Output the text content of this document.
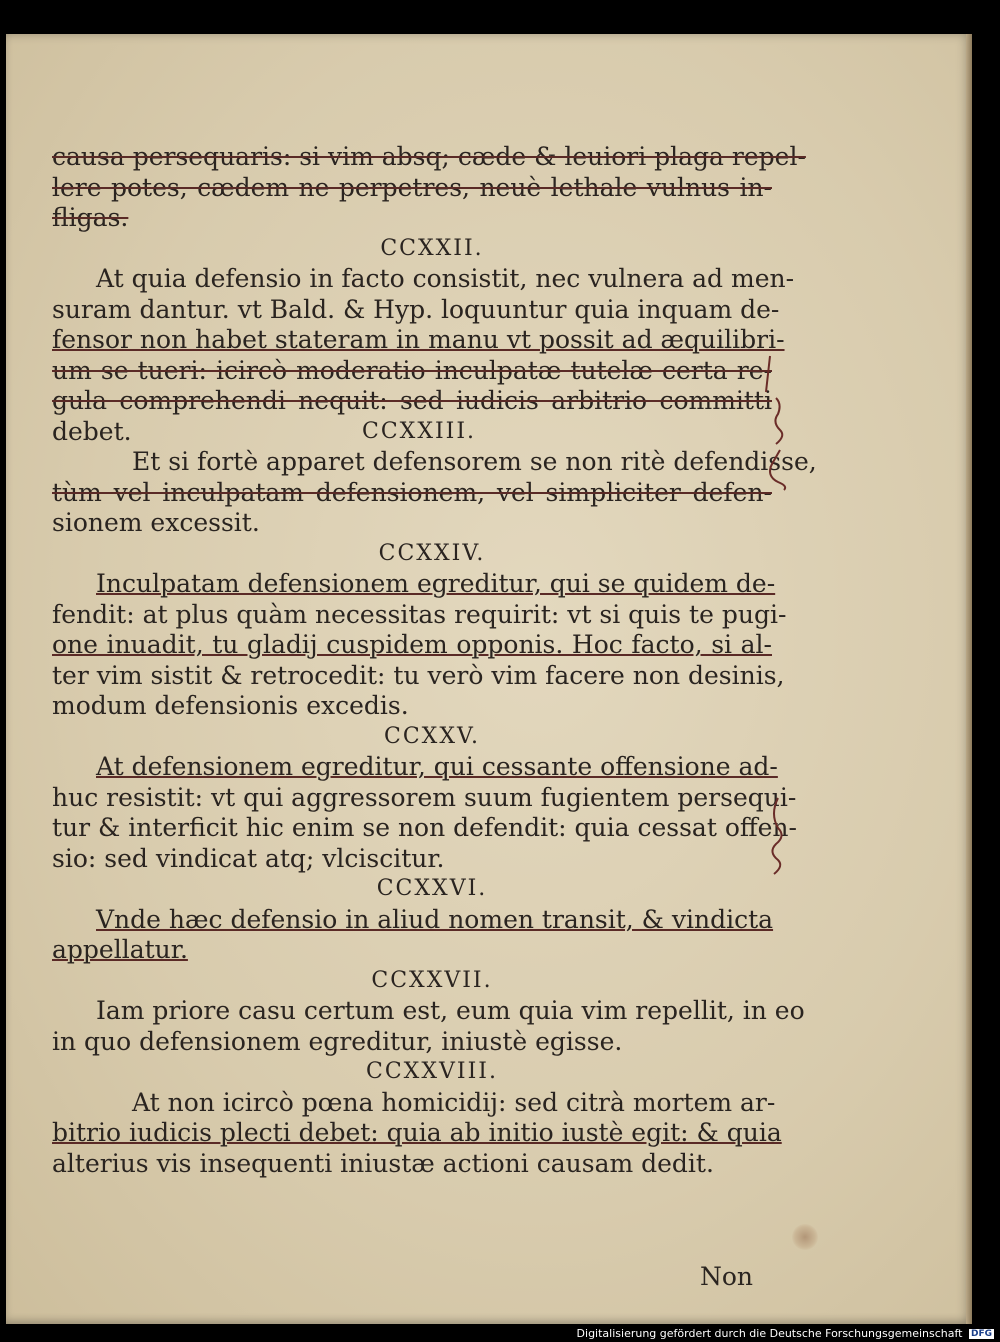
causa persequaris: si vim absq; cæde & leuiori plaga repel-
lere potes, cædem ne perpetres, neuè lethale vulnus in-
fligas.
CCXXII.
At quia defensio in facto consistit, nec vulnera ad men-
suram dantur. vt Bald. & Hyp. loquuntur quia inquam de-
fensor non habet stateram in manu vt possit ad æquilibri-
um se tueri: icircò moderatio inculpatæ tutelæ certa re-
gula comprehendi nequit: sed iudicis arbitrio committi
debet.	CCXXIII.
Et si fortè apparet defensorem se non ritè defendisse,
tùm vel inculpatam defensionem, vel simpliciter defen-
sionem excessit.
CCXXIV.
Inculpatam defensionem egreditur, qui se quidem de-
fendit: at plus quàm necessitas requirit: vt si quis te pugi-
one inuadit, tu gladij cuspidem opponis. Hoc facto, si al-
ter vim sistit & retrocedit: tu verò vim facere non desinis,
modum defensionis excedis.
CCXXV.
At defensionem egreditur, qui cessante offensione ad-
huc resistit: vt qui aggressorem suum fugientem persequi-
tur & interficit hic enim se non defendit: quia cessat offen-
sio: sed vindicat atq; vlciscitur.
CCXXVI.
Vnde hæc defensio in aliud nomen transit, & vindicta
appellatur.
CCXXVII.
Iam priore casu certum est, eum quia vim repellit, in eo
in quo defensionem egreditur, iniustè egisse.
CCXXVIII.
At non icircò pœna homicidij: sed citrà mortem ar-
bitrio iudicis plecti debet: quia ab initio iustè egit: & quia
alterius vis insequenti iniustæ actioni causam dedit.
Non
Digitalisierung gefördert durch die Deutsche Forschungsgemeinschaft DFG
